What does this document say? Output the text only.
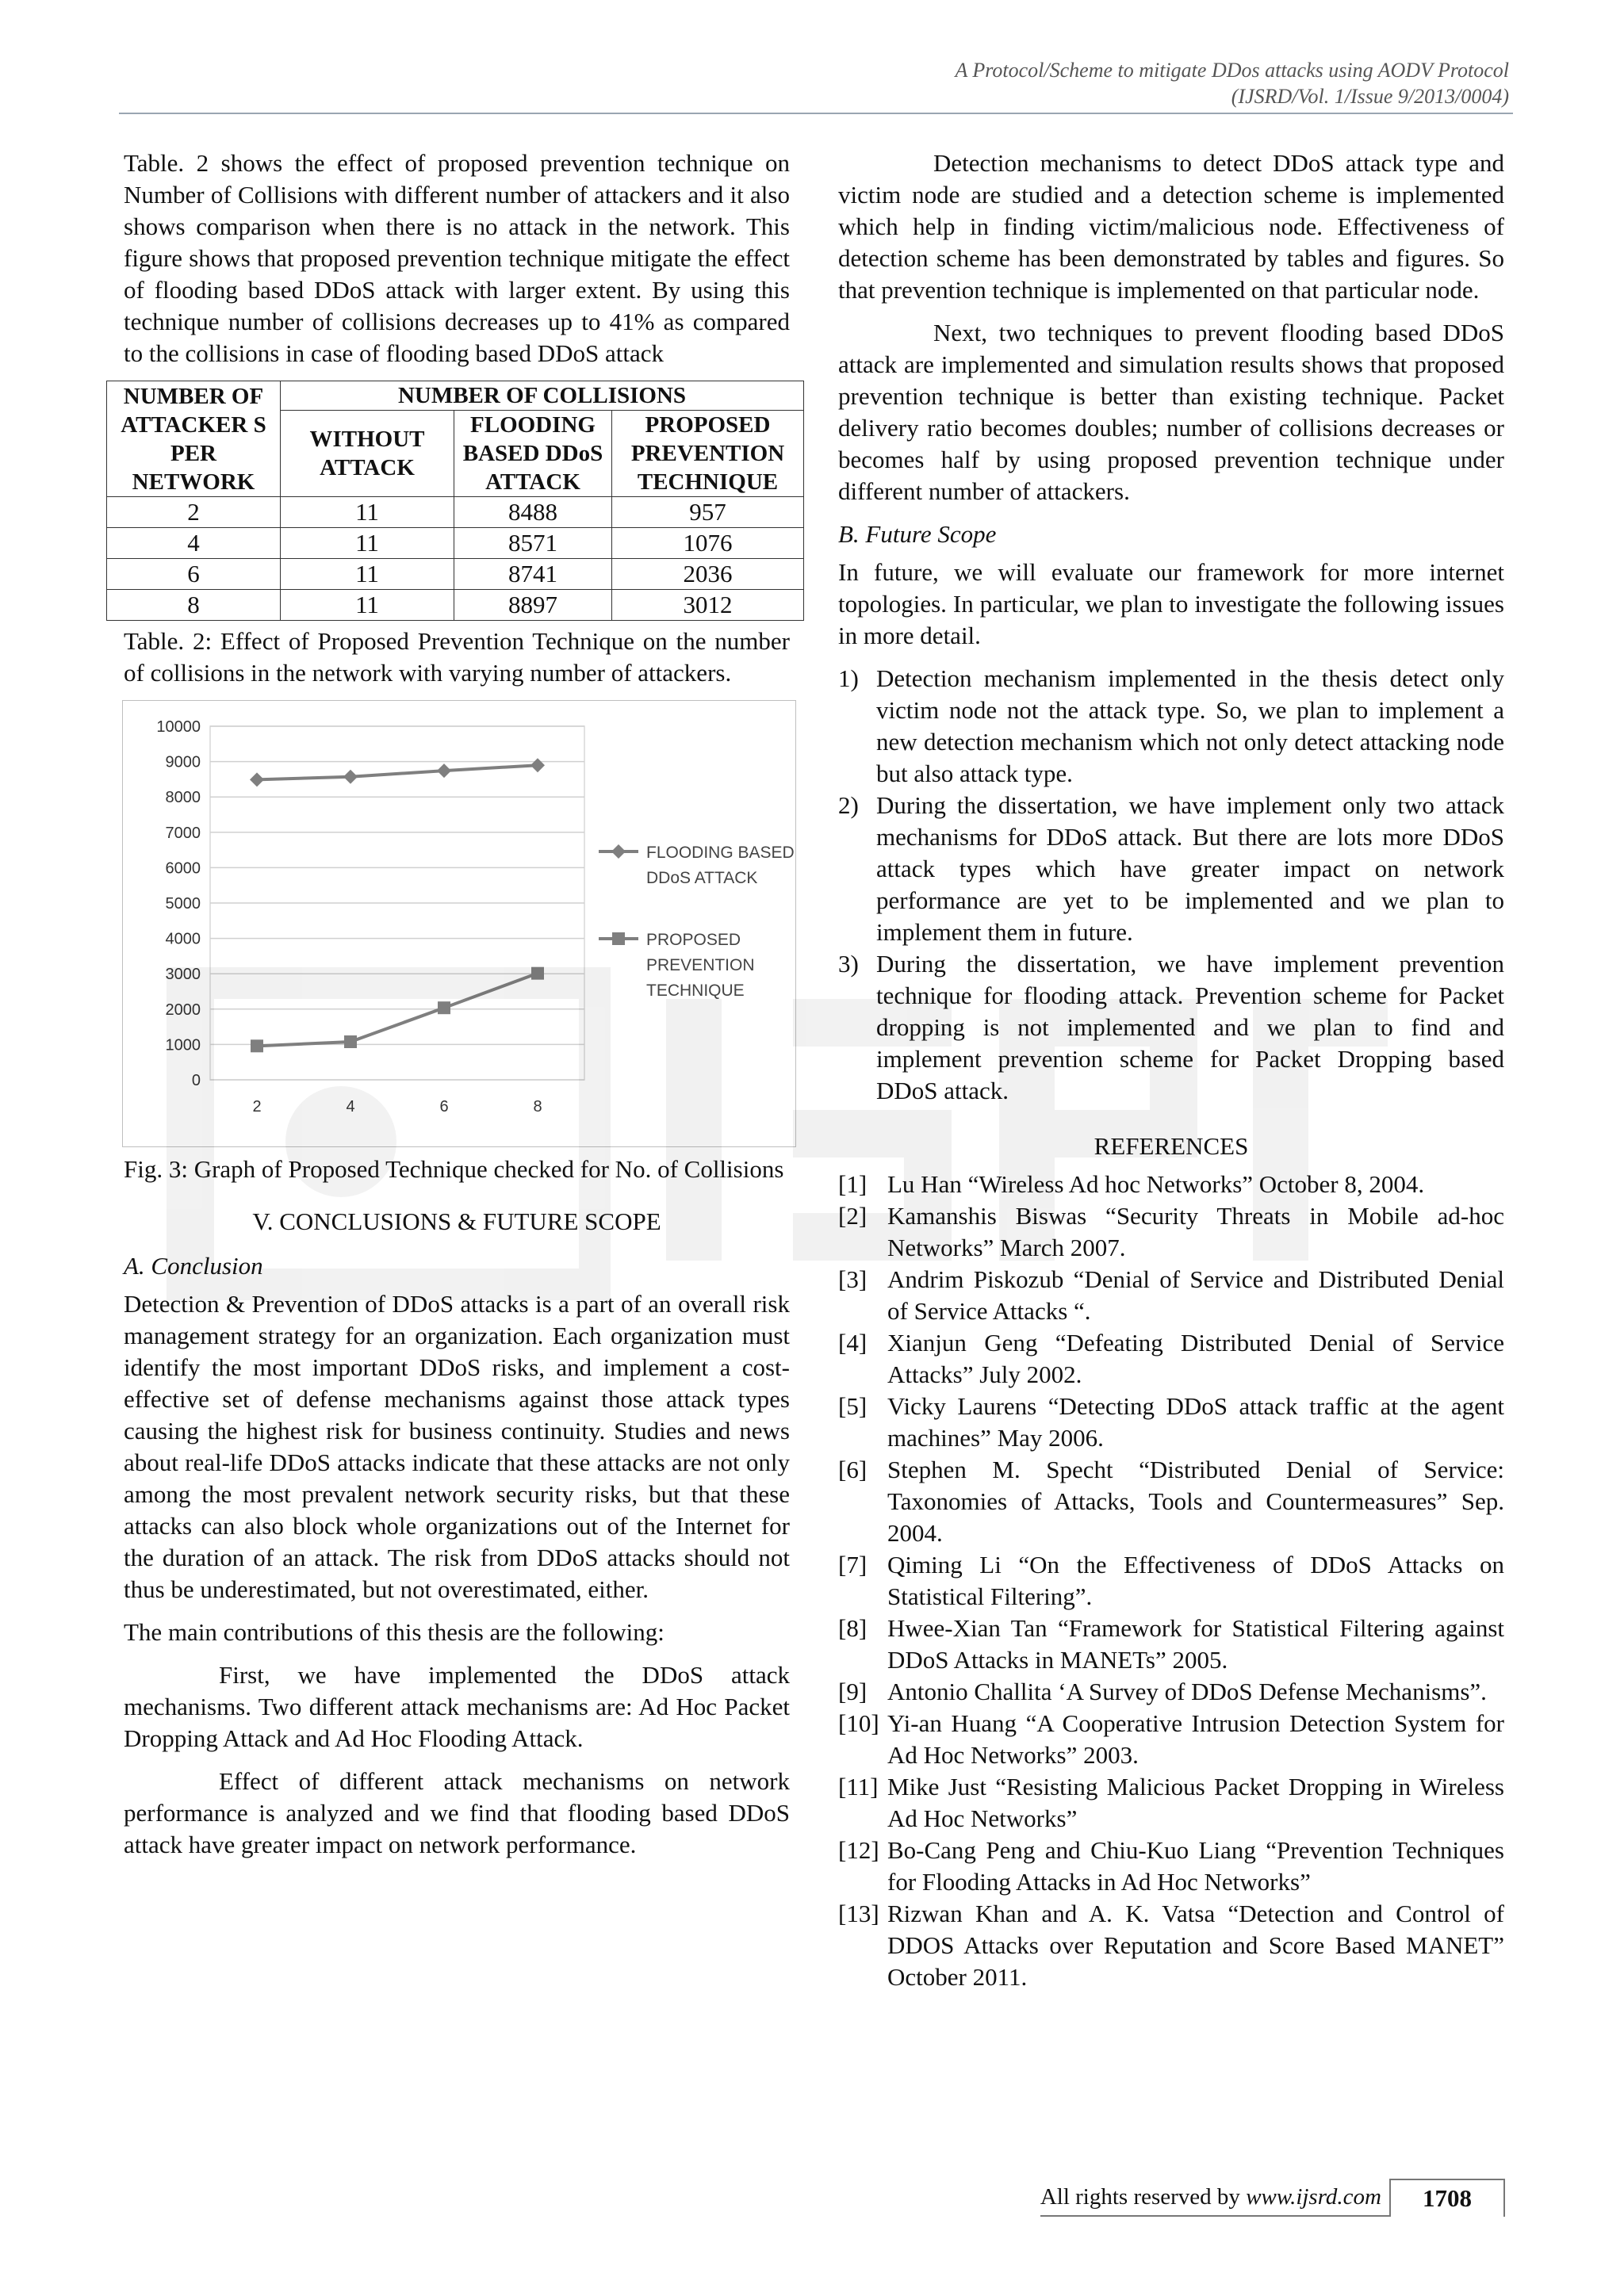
A Protocol/Scheme to mitigate DDos attacks using AODV Protocol
(IJSRD/Vol. 1/Issue 9/2013/0004)

Table. 2 shows the effect of proposed prevention technique on Number of Collisions with different number of attackers and it also shows comparison when there is no attack in the network. This figure shows that proposed prevention technique mitigate the effect of flooding based DDoS attack with larger extent. By using this technique number of collisions decreases up to 41% as compared to the collisions in case of flooding based DDoS attack

NUMBER OF ATTACKER S PER NETWORK	NUMBER OF COLLISIONS		
	WITHOUT ATTACK	FLOODING BASED DDoS ATTACK	PROPOSED PREVENTION TECHNIQUE
2	11	8488	957
4	11	8571	1076
6	11	8741	2036
8	11	8897	3012

Table. 2: Effect of Proposed Prevention Technique on the number of collisions in the network with varying number of attackers.

0
1000
2000
3000
4000
5000
6000
7000
8000
9000
10000
2	4	6	8
FLOODING BASED
DDoS ATTACK
PROPOSED
PREVENTION
TECHNIQUE

Fig. 3: Graph of Proposed Technique checked for No. of Collisions

V. CONCLUSIONS & FUTURE SCOPE
A. Conclusion

Detection & Prevention of DDoS attacks is a part of an overall risk management strategy for an organization. Each organization must identify the most important DDoS risks, and implement a cost-effective set of defense mechanisms against those attack types causing the highest risk for business continuity. Studies and news about real-life DDoS attacks indicate that these attacks are not only among the most prevalent network security risks, but that these attacks can also block whole organizations out of the Internet for the duration of an attack. The risk from DDoS attacks should not thus be underestimated, but not overestimated, either.

The main contributions of this thesis are the following:

First, we have implemented the DDoS attack mechanisms. Two different attack mechanisms are: Ad Hoc Packet Dropping Attack and Ad Hoc Flooding Attack.

Effect of different attack mechanisms on network performance is analyzed and we find that flooding based DDoS attack have greater impact on network performance.

Detection mechanisms to detect DDoS attack type and victim node are studied and a detection scheme is implemented which help in finding victim/malicious node. Effectiveness of detection scheme has been demonstrated by tables and figures. So that prevention technique is implemented on that particular node.

Next, two techniques to prevent flooding based DDoS attack are implemented and simulation results shows that proposed prevention technique is better than existing technique. Packet delivery ratio becomes doubles; number of collisions decreases or becomes half by using proposed prevention technique under different number of attackers.

B. Future Scope

In future, we will evaluate our framework for more internet topologies. In particular, we plan to investigate the following issues in more detail.

1) Detection mechanism implemented in the thesis detect only victim node not the attack type. So, we plan to implement a new detection mechanism which not only detect attacking node but also attack type.
2) During the dissertation, we have implement only two attack mechanisms for DDoS attack. But there are lots more DDoS attack types which have greater impact on network performance are yet to be implemented and we plan to implement them in future.
3) During the dissertation, we have implement prevention technique for flooding attack. Prevention scheme for Packet dropping is not implemented and we plan to find and implement prevention scheme for Packet Dropping based DDoS attack.
REFERENCES
[1] Lu Han “Wireless Ad hoc Networks” October 8, 2004.
[2] Kamanshis Biswas “Security Threats in Mobile ad-hoc Networks” March 2007.
[3] Andrim Piskozub “Denial of Service and Distributed Denial of Service Attacks “.
[4] Xianjun Geng “Defeating Distributed Denial of Service Attacks” July 2002.
[5] Vicky Laurens “Detecting DDoS attack traffic at the agent machines” May 2006.
[6] Stephen M. Specht “Distributed Denial of Service: Taxonomies of Attacks, Tools and Countermeasures” Sep. 2004.
[7] Qiming Li “On the Effectiveness of DDoS Attacks on Statistical Filtering”.
[8] Hwee-Xian Tan “Framework for Statistical Filtering against DDoS Attacks in MANETs” 2005.
[9] Antonio Challita ‘A Survey of DDoS Defense Mechanisms”.
[10] Yi-an Huang “A Cooperative Intrusion Detection System for Ad Hoc Networks” 2003.
[11] Mike Just “Resisting Malicious Packet Dropping in Wireless Ad Hoc Networks”
[12] Bo-Cang Peng and Chiu-Kuo Liang “Prevention Techniques for Flooding Attacks in Ad Hoc Networks”
[13] Rizwan Khan and A. K. Vatsa “Detection and Control of DDOS Attacks over Reputation and Score Based MANET” October 2011.
All rights reserved by www.ijsrd.com	1708
